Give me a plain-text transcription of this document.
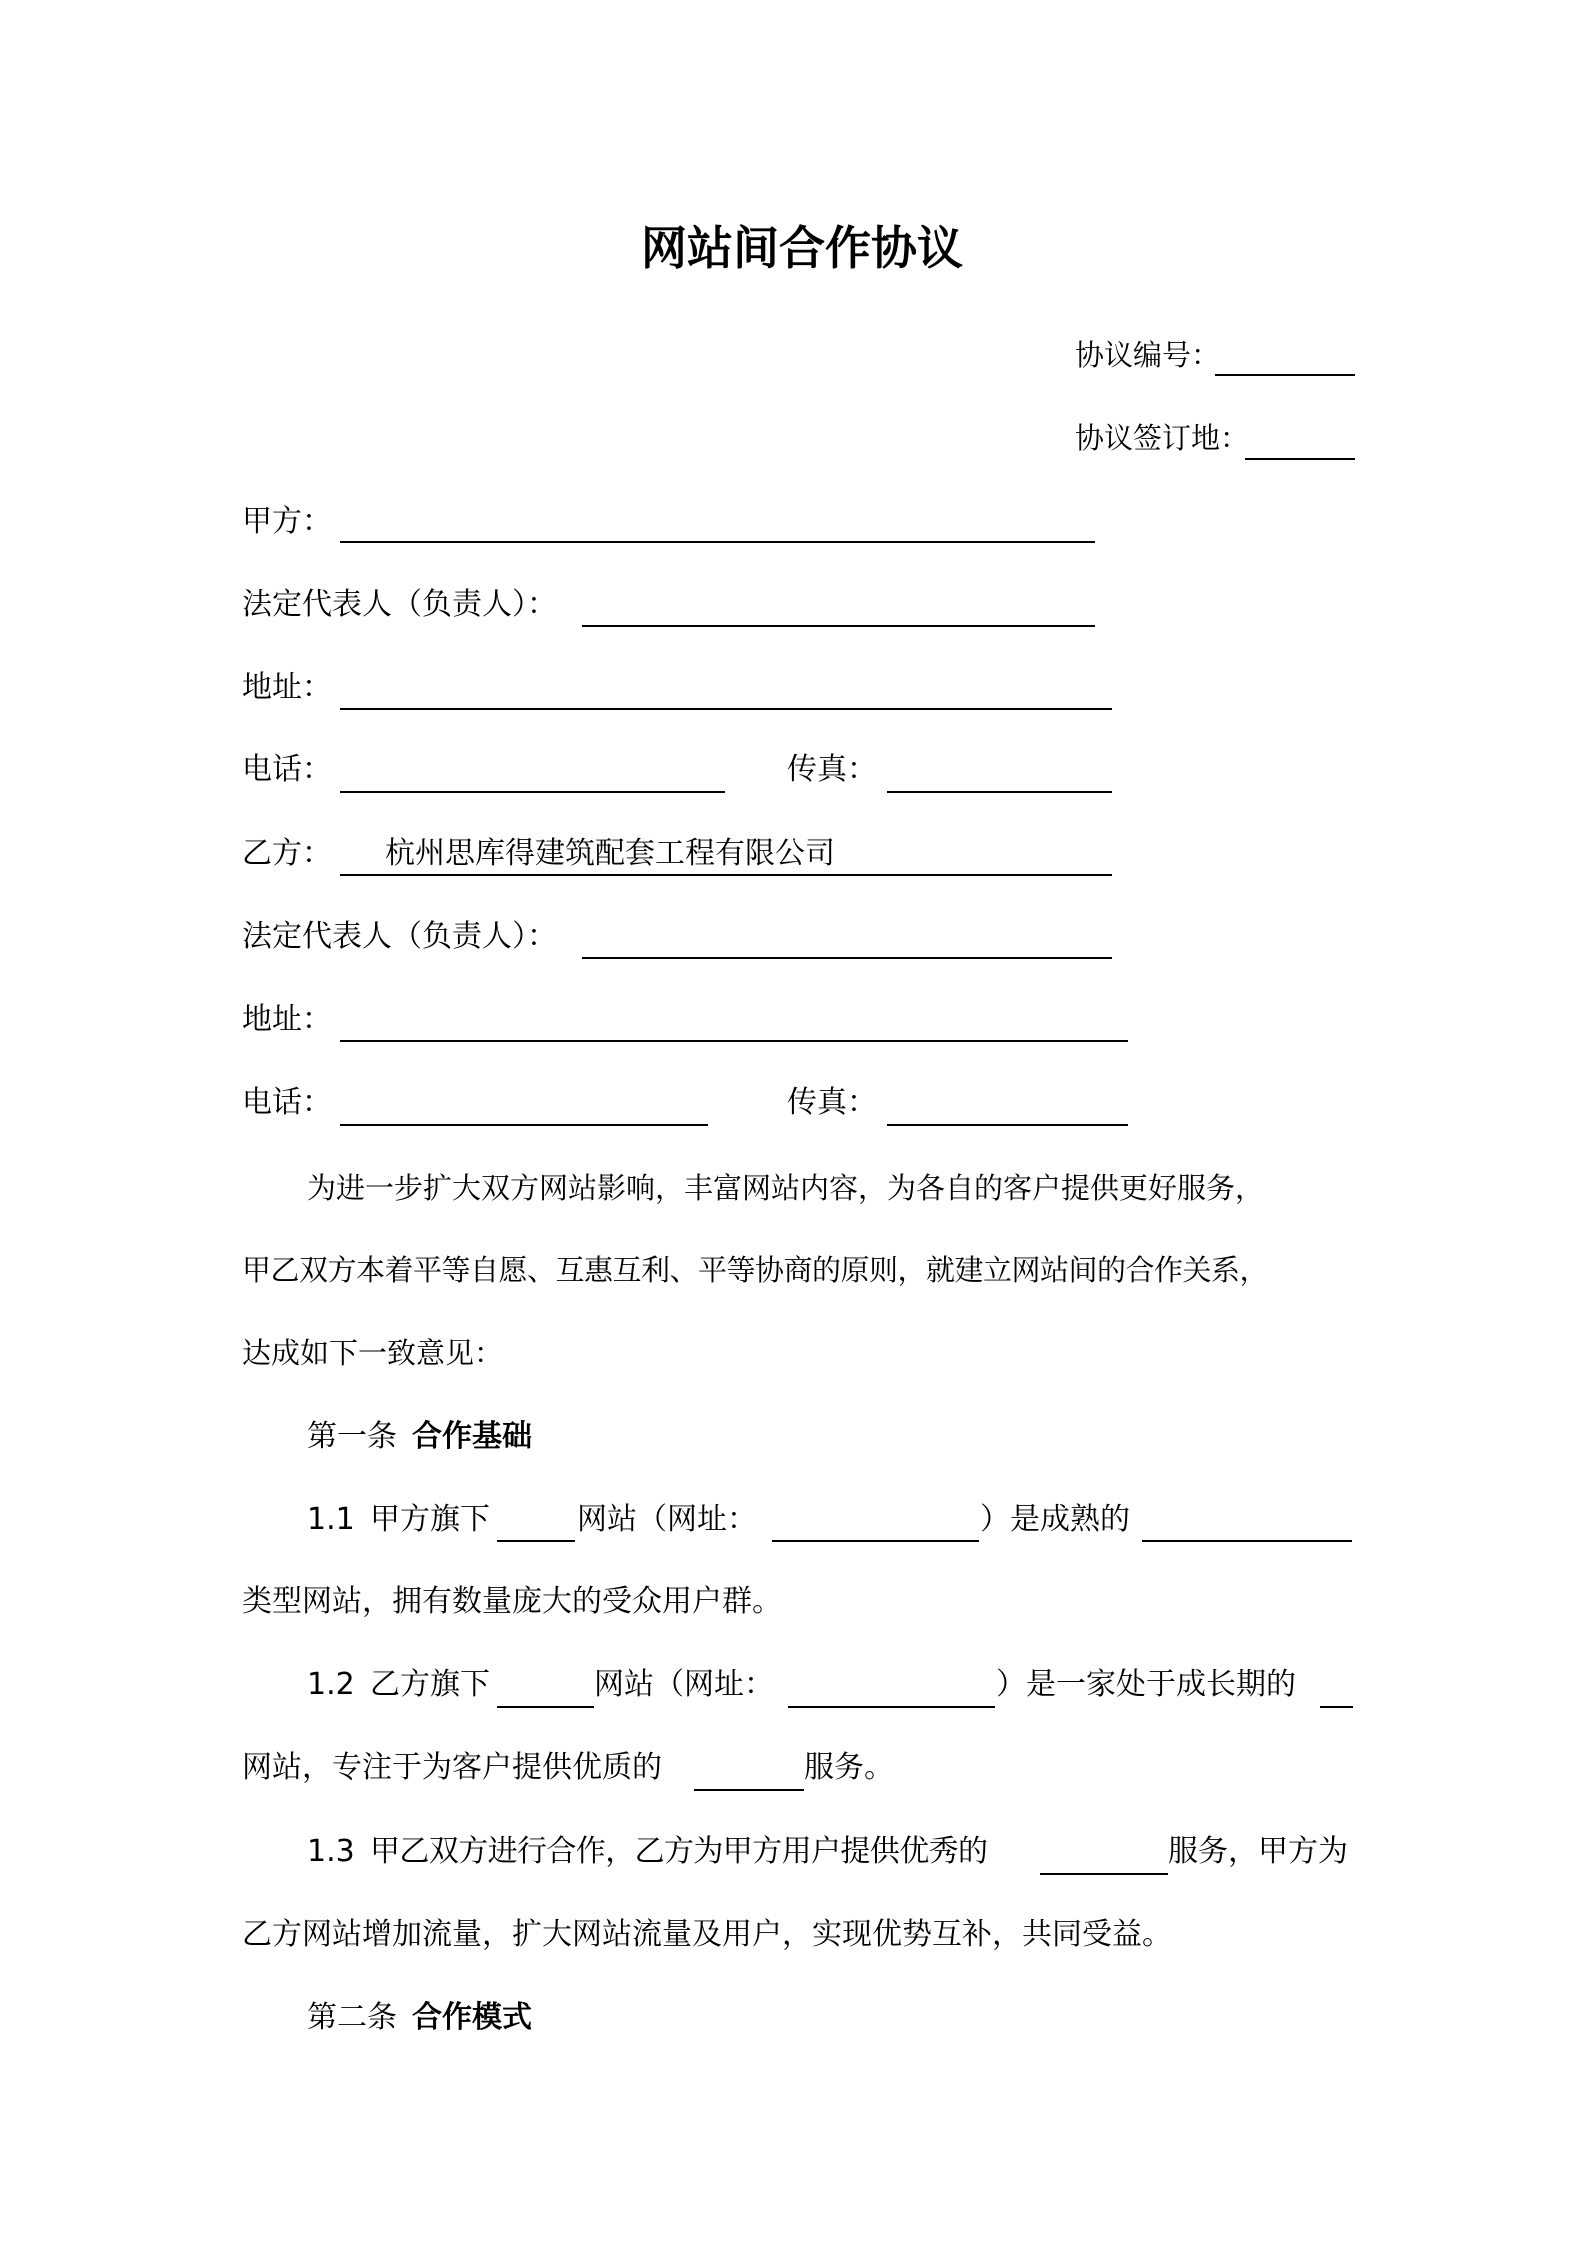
网站间合作协议
协议编号：
协议签订地：
甲方：
法定代表人（负责人）：
地址：
电话：	传真：
乙方： 杭州思库得建筑配套工程有限公司
法定代表人（负责人）：
地址：
电话：	传真：
为进一步扩大双方网站影响，丰富网站内容，为各自的客户提供更好服务，
甲乙双方本着平等自愿、互惠互利、平等协商的原则，就建立网站间的合作关系，
达成如下一致意见：
第一条 合作基础
1.1 甲方旗下	网站（网址：	）是成熟的
类型网站，拥有数量庞大的受众用户群。
1.2 乙方旗下	网站（网址：	）是一家处于成长期的
网站，专注于为客户提供优质的	服务。
1.3 甲乙双方进行合作，乙方为甲方用户提供优秀的	服务，甲方为
乙方网站增加流量，扩大网站流量及用户，实现优势互补，共同受益。
第二条 合作模式
